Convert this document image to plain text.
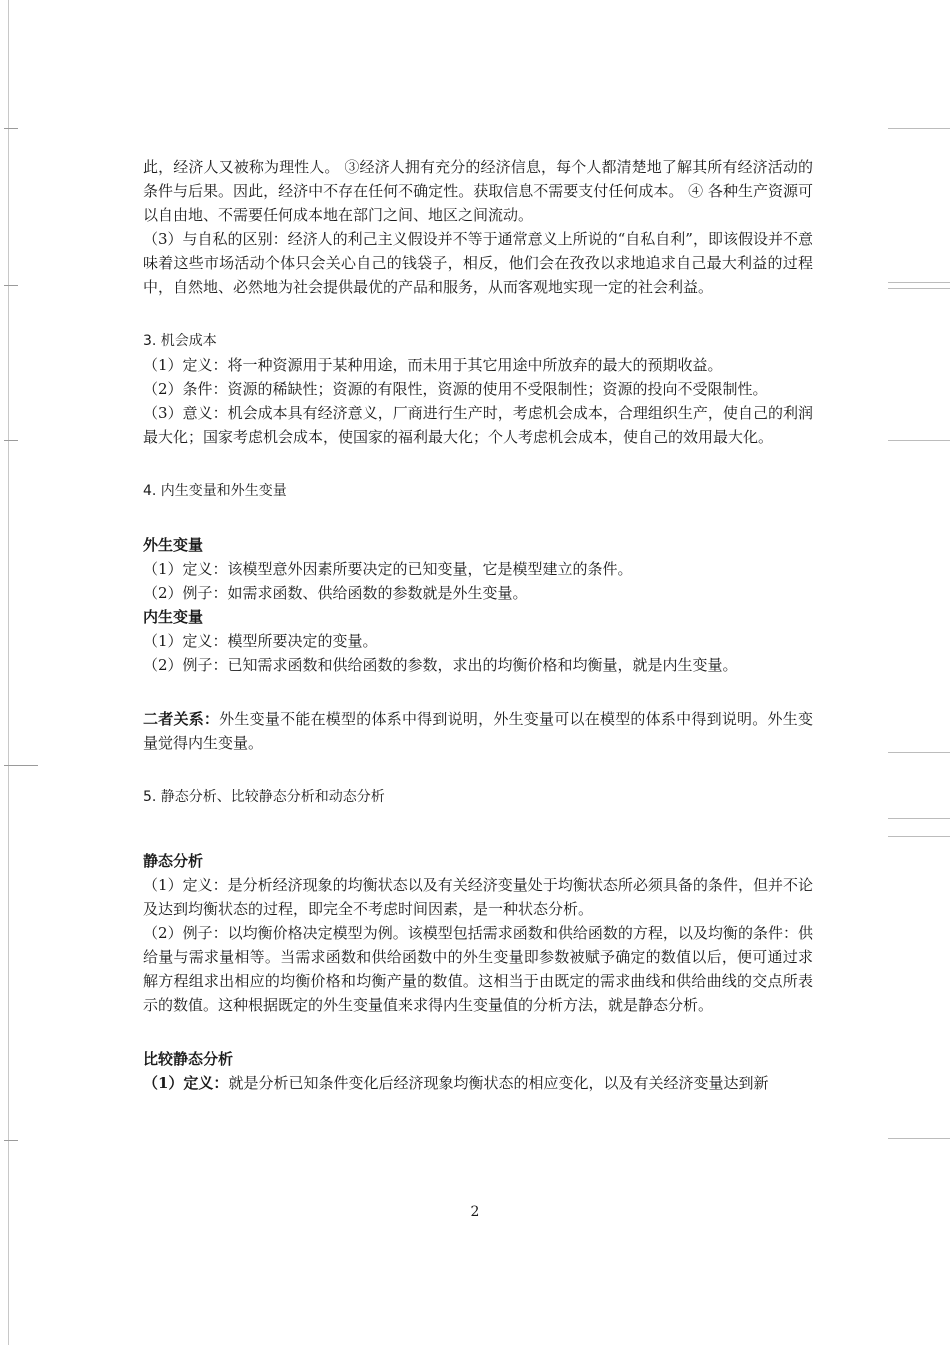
此，经济人又被称为理性人。 ③经济人拥有充分的经济信息，每个人都清楚地了解其所有经济活动的条件与后果。因此，经济中不存在任何不确定性。获取信息不需要支付任何成本。 ④ 各种生产资源可以自由地、不需要任何成本地在部门之间、地区之间流动。

（3）与自私的区别：经济人的利己主义假设并不等于通常意义上所说的“自私自利”，即该假设并不意味着这些市场活动个体只会关心自己的钱袋子，相反，他们会在孜孜以求地追求自己最大利益的过程中，自然地、必然地为社会提供最优的产品和服务，从而客观地实现一定的社会利益。

3. 机会成本

（1）定义：将一种资源用于某种用途，而未用于其它用途中所放弃的最大的预期收益。

（2）条件：资源的稀缺性；资源的有限性，资源的使用不受限制性；资源的投向不受限制性。

（3）意义：机会成本具有经济意义，厂商进行生产时，考虑机会成本，合理组织生产，使自己的利润最大化；国家考虑机会成本，使国家的福利最大化；个人考虑机会成本，使自己的效用最大化。

4. 内生变量和外生变量

外生变量

（1）定义：该模型意外因素所要决定的已知变量，它是模型建立的条件。

（2）例子：如需求函数、供给函数的参数就是外生变量。

内生变量

（1）定义：模型所要决定的变量。

（2）例子：已知需求函数和供给函数的参数，求出的均衡价格和均衡量，就是内生变量。

二者关系：外生变量不能在模型的体系中得到说明，外生变量可以在模型的体系中得到说明。外生变量觉得内生变量。

5. 静态分析、比较静态分析和动态分析

静态分析

（1）定义：是分析经济现象的均衡状态以及有关经济变量处于均衡状态所必须具备的条件，但并不论及达到均衡状态的过程，即完全不考虑时间因素，是一种状态分析。

（2）例子：以均衡价格决定模型为例。该模型包括需求函数和供给函数的方程，以及均衡的条件：供给量与需求量相等。当需求函数和供给函数中的外生变量即参数被赋予确定的数值以后，便可通过求解方程组求出相应的均衡价格和均衡产量的数值。这相当于由既定的需求曲线和供给曲线的交点所表示的数值。这种根据既定的外生变量值来求得内生变量值的分析方法，就是静态分析。

比较静态分析

（1）定义：就是分析已知条件变化后经济现象均衡状态的相应变化，以及有关经济变量达到新

2
